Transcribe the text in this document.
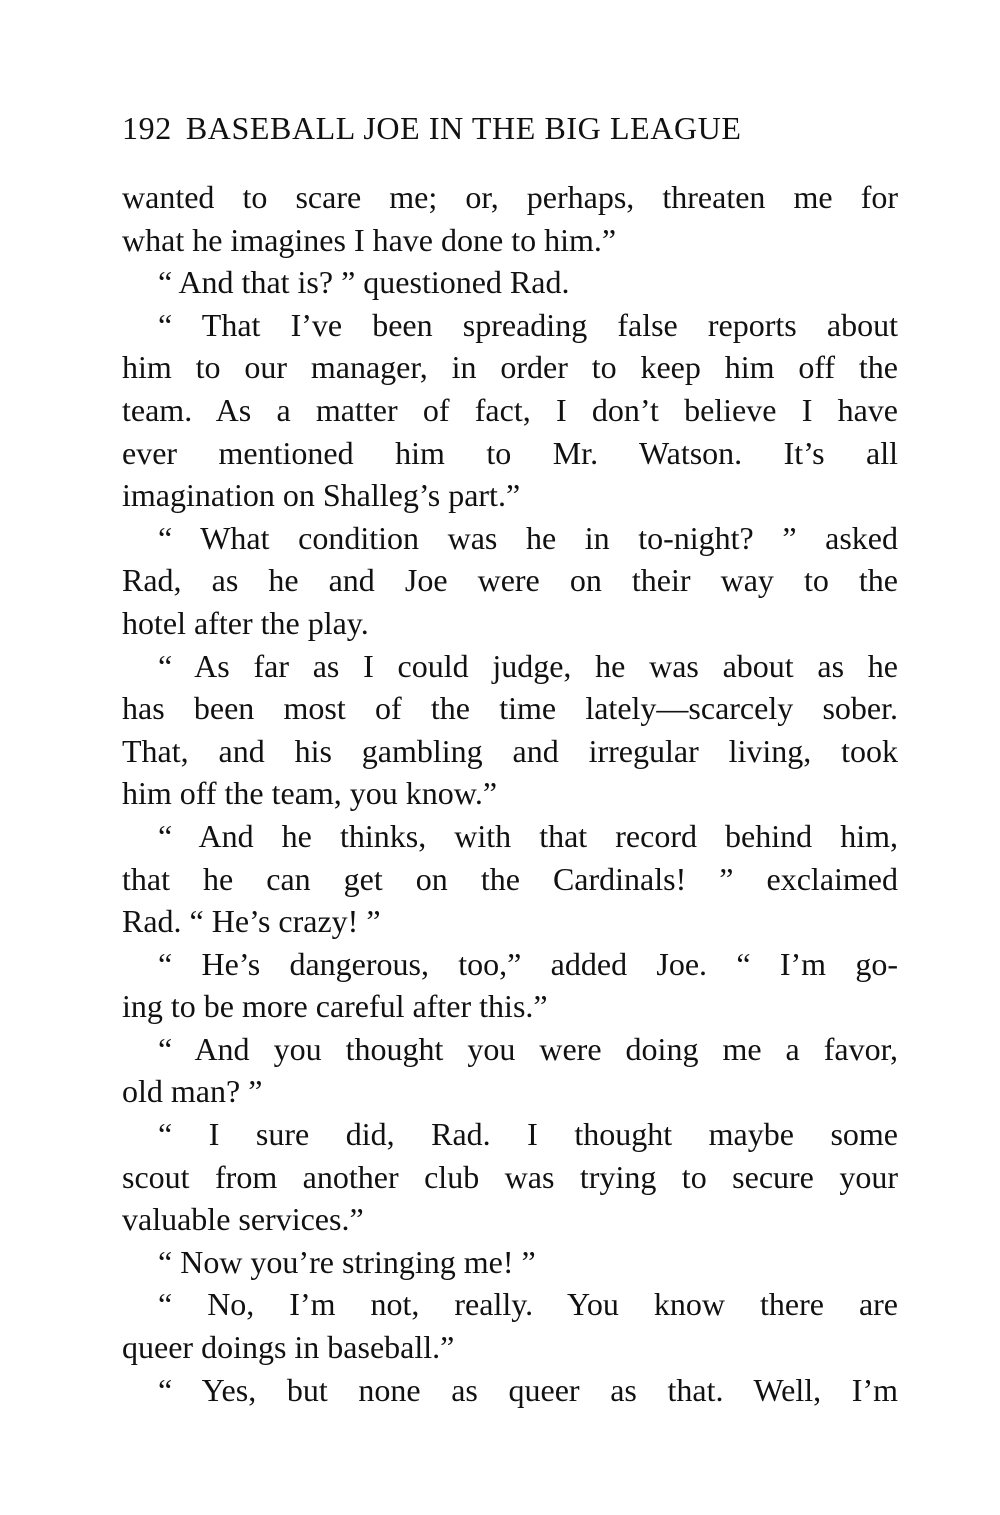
192 BASEBALL JOE IN THE BIG LEAGUE
wanted to scare me; or, perhaps, threaten me for
what he imagines I have done to him.”
“ And that is? ” questioned Rad.
“ That I’ve been spreading false reports about
him to our manager, in order to keep him off the
team. As a matter of fact, I don’t believe I have
ever mentioned him to Mr. Watson. It’s all
imagination on Shalleg’s part.”
“ What condition was he in to-night? ” asked
Rad, as he and Joe were on their way to the
hotel after the play.
“ As far as I could judge, he was about as he
has been most of the time lately—scarcely sober.
That, and his gambling and irregular living, took
him off the team, you know.”
“ And he thinks, with that record behind him,
that he can get on the Cardinals! ” exclaimed
Rad. “ He’s crazy! ”
“ He’s dangerous, too,” added Joe. “ I’m go-
ing to be more careful after this.”
“ And you thought you were doing me a favor,
old man? ”
“ I sure did, Rad. I thought maybe some
scout from another club was trying to secure your
valuable services.”
“ Now you’re stringing me! ”
“ No, I’m not, really. You know there are
queer doings in baseball.”
“ Yes, but none as queer as that. Well, I’m
